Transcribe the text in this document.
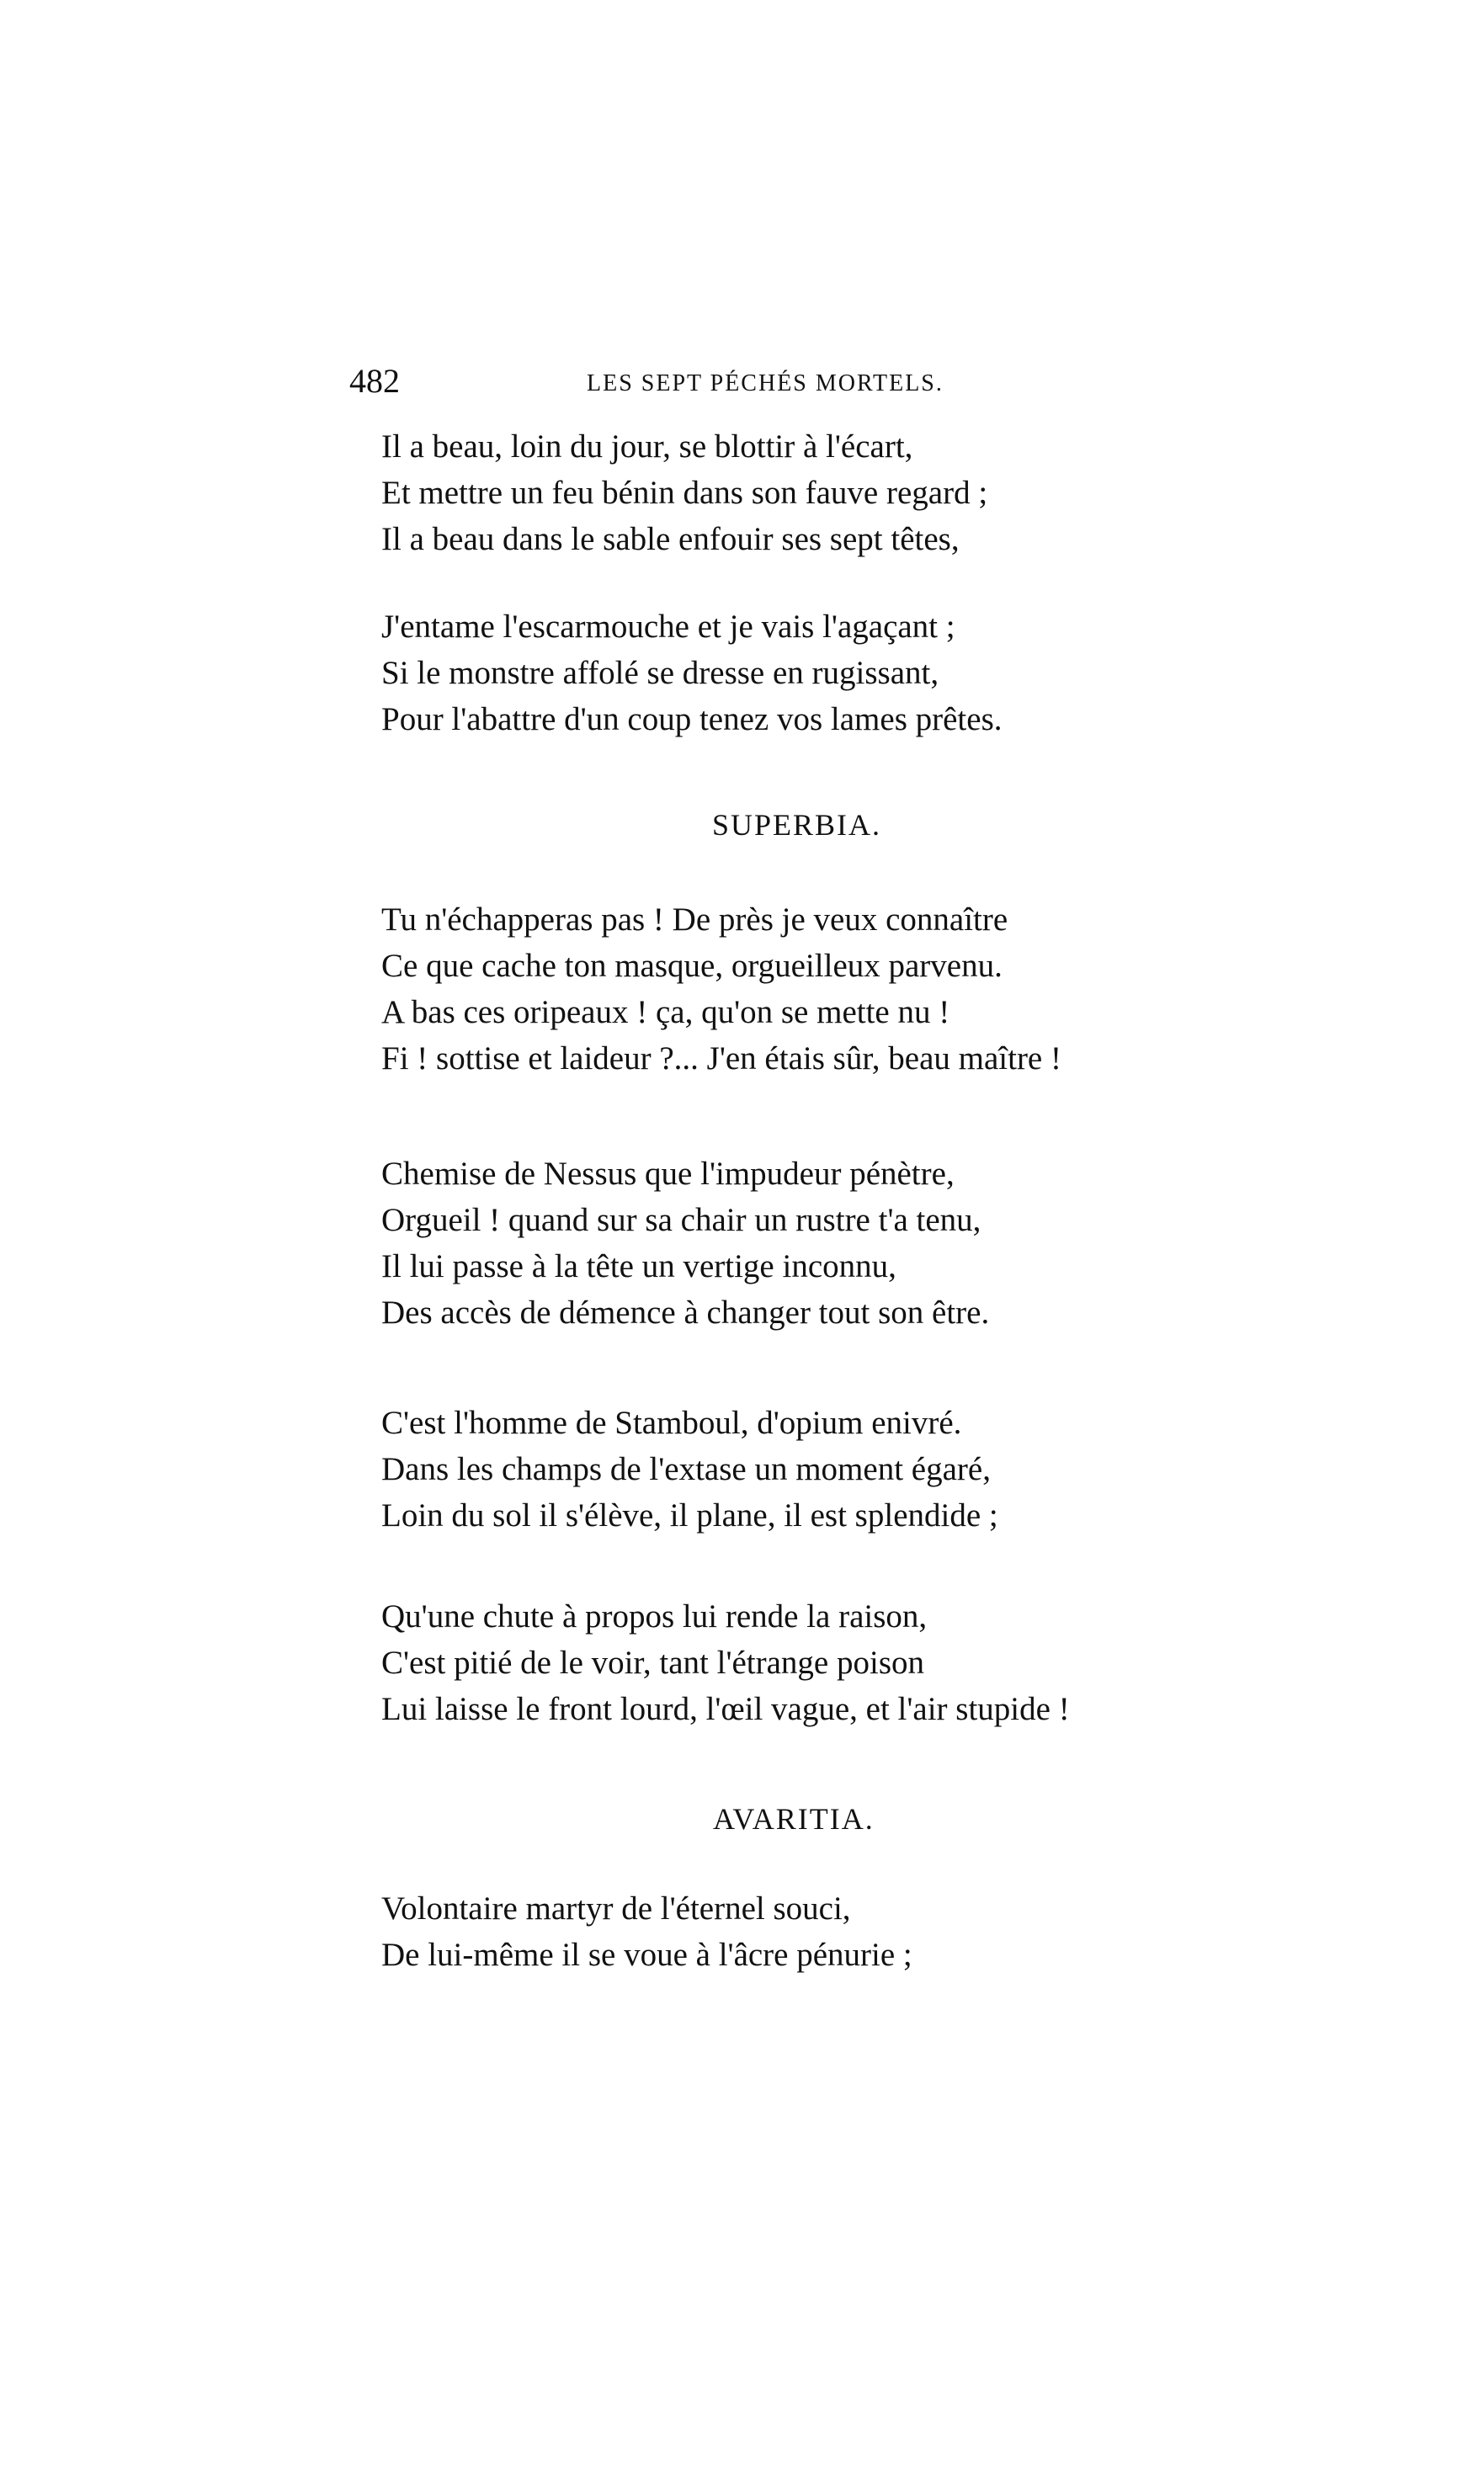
482	LES SEPT PÉCHÉS MORTELS.
Il a beau, loin du jour, se blottir à l'écart,
Et mettre un feu bénin dans son fauve regard ;
Il a beau dans le sable enfouir ses sept têtes,
J'entame l'escarmouche et je vais l'agaçant ;
Si le monstre affolé se dresse en rugissant,
Pour l'abattre d'un coup tenez vos lames prêtes.
SUPERBIA.
Tu n'échapperas pas ! De près je veux connaître
Ce que cache ton masque, orgueilleux parvenu.
A bas ces oripeaux ! ça, qu'on se mette nu !
Fi ! sottise et laideur ?... J'en étais sûr, beau maître !
Chemise de Nessus que l'impudeur pénètre,
Orgueil ! quand sur sa chair un rustre t'a tenu,
Il lui passe à la tête un vertige inconnu,
Des accès de démence à changer tout son être.
C'est l'homme de Stamboul, d'opium enivré.
Dans les champs de l'extase un moment égaré,
Loin du sol il s'élève, il plane, il est splendide ;
Qu'une chute à propos lui rende la raison,
C'est pitié de le voir, tant l'étrange poison
Lui laisse le front lourd, l'œil vague, et l'air stupide !
AVARITIA.
Volontaire martyr de l'éternel souci,
De lui-même il se voue à l'âcre pénurie ;
